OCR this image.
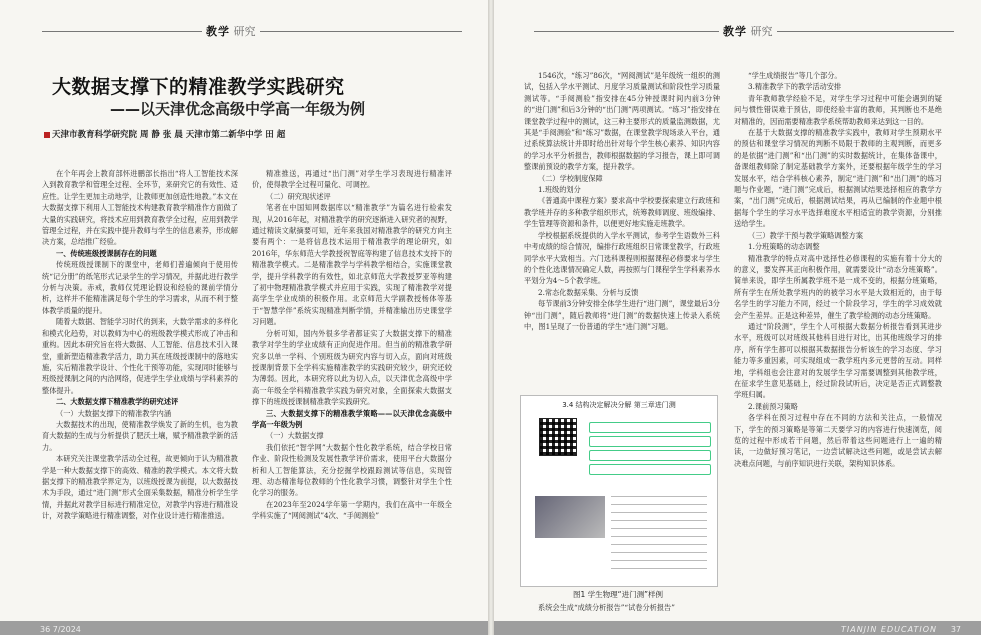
教学 研究
大数据支撑下的精准教学实践研究
——以天津优念高级中学高一年级为例
天津市教育科学研究院 周 静 张 晨 天津市第二新华中学 田 超

在个年再会上教育部怀进鹏部长指出“将人工智能技术深入到教育教学和管理全过程、全环节，来研究它的有效性、适应性。让学生更加主动地学，让教师更加创造性地教。”本文在大数据支撑下利用人工智能技术构建教育教学精准作方面做了大量的实践研究，将技术应用到教育教学全过程，应用到教学管理全过程，并在实践中提升教师与学生的信息素养，形成解决方案，总结推广经验。

一、传统班级授课制存在的问题

传统班级授课制下的课堂中，老师们普遍倾向于使用传统“记分册”的纸笔形式记录学生的学习情况，并据此进行教学分析与决策。赤戒，教师仅凭理论假设和经验的课前学情分析，这样并不能精准满足每个学生的学习需求，从而不利于整体教学质量的提升。

随着大数据、智能学习时代的到来，大数学需求的多样化和模式化趋势，对以教师为中心的班级教学模式形成了冲击和重构。因此本研究旨在将大数据、人工智能、信息技术引入课堂，重新塑造精准教学活力，助力其在班级授课制中的落地实施，实后精准教学设计、个性化干预等功能，实现同时能够与班级授课制之间的内洽网络，促进学生学业成绩与学科素养的整体提升。

二、大数据支撑下精准教学的研究述评

（一）大数据支撑下的精准教学内涵

大数据技术的出现，使精准教学焕发了新的生机，也为教育大数据的生成与分析提供了肥沃土壤，赋予精准教学新的活力。

本研究关注课堂教学活动全过程，故更倾向于认为精准教学是一种大数据支撑下的高效、精准的教学模式。本文将大数据支撑下的精准教学界定为，以班级授课为前提，以大数据技术为手段，通过“进门测”形式全面采集数据，精准分析学生学情，并据此对教学目标进行精准定位，对教学内容进行精准设计，对教学策略进行精准调整，对作业设计进行精准推送。

精准推送，再通过“出门测”对学生学习表现进行精准评价，使得教学全过程可量化、可调控。

（二）研究现状述评

笔者在中国知网数据库以“精准教学”为篇名进行检索发现，从2016年起，对精准教学的研究逐渐进入研究者的视野，通过精读文献摘要可知，近年来我国对精准教学的研究方向主要有两个：一是将信息技术运用于精准教学的理论研究，如2016年，华东师范大学教授祝智庭等构建了信息技术支持下的精准教学模式。二是精准教学与学科教学相结合，实施课堂教学，提升学科教学的有效性，如北京师范大学教授罗亚等构建了初中物理精准教学模式并应用于实践，实现了精准教学对提高学生学业成绩的积极作用。北京师范大学副教授杨体等基于“智慧学伴”系统实现精准判断学情，并精准输出历史课堂学习问题。

分析可知，国内外很多学者都证实了大数据支撑下的精准教学对学生的学业成绩有正向促进作用。但当前的精准教学研究多以单一学科、个别班级为研究内容与切入点，面向对班级授课制背景下全学科实施精准教学的实践研究较少，研究还较为薄弱。因此，本研究将以此为切入点，以天津优念高级中学高一年级全学科精准教学实践为研究对象，全面探索大数据支撑下的班级授课制精准教学实践研究。

三、大数据支撑下的精准教学策略——以天津优念高级中学高一年级为例

（一）大数据支撑

我们依托“智学网”大数据个性化教学系统，结合学校日常作业、阶段性检测及发展性教学评价需求，使用平台大数据分析和人工智能算法，充分挖掘学校跟踪测试等信息，实现管理、动态精准每位教师的个性化教学习惯，调整针对学生个性化学习的服务。

在2023年至2024学年第一学期内，我们在高中一年级全学科实施了“网阅测试”4次、“手阅测验”

36 7/2024
教学 研究

1546次，“练习”86次，“网阅测试”是年级统一组织的测试，包括入学水平测试、月度学习质量测试和阶段性学习质量测试等。“手阅测验”指安排在45分钟授课时间内前3分钟的“进门测”和后3分钟的“出门测”两项测试。“练习”指安排在课堂教学过程中的测试，这三种主要形式的质量监测数据，尤其是“手阅测验”和“练习”数据，在课堂教学现场录入平台，通过系统算法统计并即时给出针对每个学生核心素养、知识内容的学习水平分析报告，教师根据数据的学习报告，课上即可调整课前预设的教学方案，提升教学。

（二）学校制度保障

1.班级的划分

《普通高中课程方案》要求高中学校要探索建立行政班和教学班并存的多种教学组织形式，统筹教师调度、班级编排、学生管理等资源和条件，以便更好地实施走班教学。

学校根据系统提供的入学水平测试，参考学生语数外三科中考成绩的综合情况，编排行政班组织日常课堂教学，行政班同学水平大致相当。六门选科课程则根据课程必修要求与学生的个性化选课情况确定人数，再按照与门课程学生学科素养水平划分为4～5个教学班。

2.常态化数据采集、分析与反馈

每节课前3分钟安排全体学生进行“进门测”，课堂最后3分钟“出门测”，随后教师将“进门测”的数据快速上传录入系统中，图1呈现了一份普通的学生“进门测”习题。

3.4 结构决定解决分解 第三章进门测
图1 学生物理“进门测”样例

系统会生成“成绩分析报告”“试卷分析报告”

“学生成绩报告”等几个部分。

3.精准教学下的教学活动安排

青年教师教学经验不足，对学生学习过程中可能会遇到的疑问与惯性错误难于预估，即使经验丰富的教师，其判断也不是绝对精准的，因而需要精准教学系统帮助教师来达到这一目的。

在基于大数据支撑的精准教学实践中，教师对学生预期水平的预估和课堂学习情况的判断不局限于教师的主观判断，而更多的是依据“进门测”和“出门测”的实时数据统计，在集体备课中，备课组教师除了制定基础教学方案外，还要根据年级学生的学习发展水平，结合学科核心素养，制定“进门测”和“出门测”的练习题与作业题，“进门测”完成后，根据测试结果选择相应的教学方案，“出门测”完成后，根据测试结果，再从已编制的作业题中根据每个学生的学习水平选择难度水平相适宜的教学资源，分别推送给学生。

（三）教学干预与教学策略调整方案

1.分班策略的动态调整

精准教学的特点对高中选择性必修课程的实施有着十分大的的意义，要发挥其正向积极作用，就需要设计“动态分班策略”。简单来说，即学生所属教学班不是一成不变的，根据分班策略，所有学生在所处教学班内的的被学习水平是大致相近的，由于每名学生的学习能力不同，经过一个阶段学习，学生的学习成效就会产生差异。正是这种差异，催生了教学检测的动态分班策略。

通过“阶段测”，学生个人可根据大数据分析报告看到其进步水平，班级可以对班级其他科目进行对比，出其他班级学习的排序，所有学生都可以根据其数据报告分析该生的学习态度、学习能力等多重因素，可实现组成一教学班内多元更替的互动。同样地，学科组也会注意对的发展学生学习需要调整到其他教学班，在征求学生意见基础上，经过阶段试听后，决定是否正式调整教学班归属。

2.课前预习策略

各学科在预习过程中存在不同的方法和关注点，一般情况下，学生的预习策略是等第二天要学习的内容进行快速浏览，阅览的过程中形成若干问题，然后带着这些问题进行上一遍的精读，一边做好预习笔记，一边尝试解决这些问题，或是尝试去解决难点问题，与前序知识进行关联，架构知识体系。

TIANJIN EDUCATION 37
